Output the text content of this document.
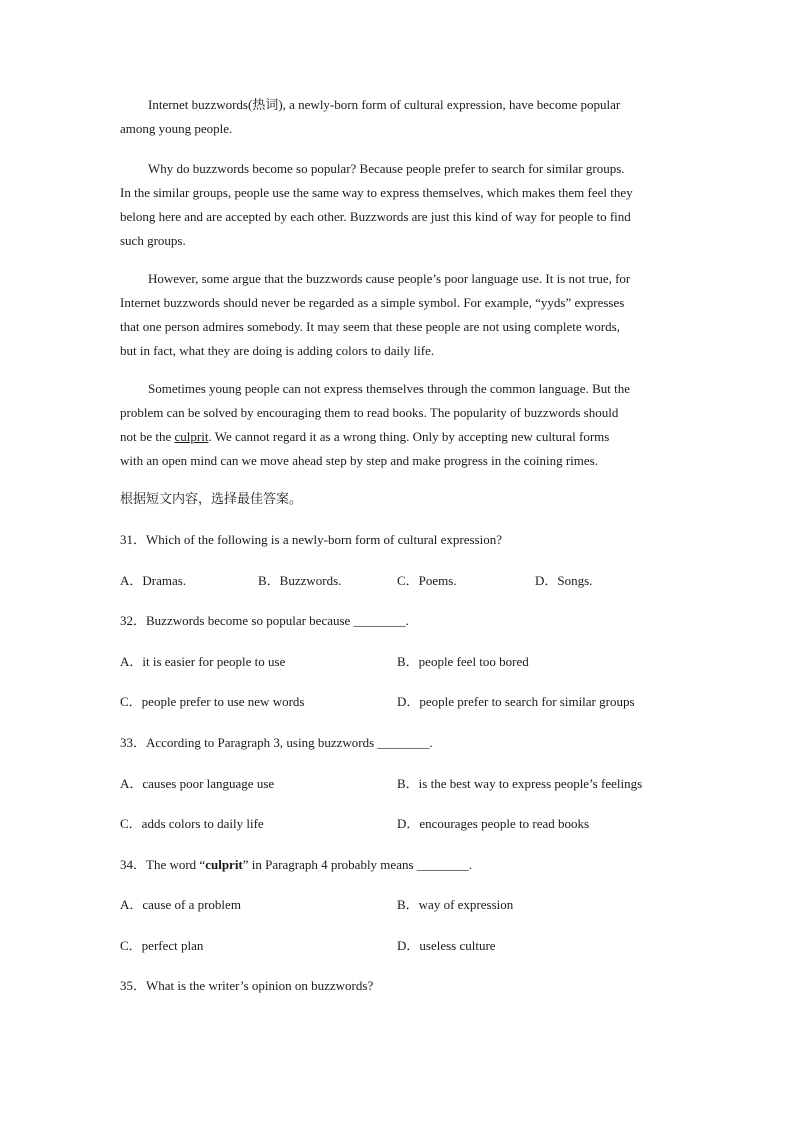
Internet buzzwords(热词), a newly-born form of cultural expression, have become popular
among young people.

Why do buzzwords become so popular? Because people prefer to search for similar groups.
In the similar groups, people use the same way to express themselves, which makes them feel they
belong here and are accepted by each other. Buzzwords are just this kind of way for people to find
such groups.

However, some argue that the buzzwords cause people’s poor language use. It is not true, for
Internet buzzwords should never be regarded as a simple symbol. For example, “yyds” expresses
that one person admires somebody. It may seem that these people are not using complete words,
but in fact, what they are doing is adding colors to daily life.

Sometimes young people can not express themselves through the common language. But the
problem can be solved by encouraging them to read books. The popularity of buzzwords should
not be the culprit. We cannot regard it as a wrong thing. Only by accepting new cultural forms
with an open mind can we move ahead step by step and make progress in the coining rimes.

根据短文内容，选择最佳答案。
31．Which of the following is a newly-born form of cultural expression?
A．Dramas.	B．Buzzwords.	C．Poems.	D．Songs.
32．Buzzwords become so popular because ________.
A．it is easier for people to use	B．people feel too bored
C．people prefer to use new words	D．people prefer to search for similar groups
33．According to Paragraph 3, using buzzwords ________.
A．causes poor language use	B．is the best way to express people’s feelings
C．adds colors to daily life	D．encourages people to read books
34．The word “culprit” in Paragraph 4 probably means ________.
A．cause of a problem	B．way of expression
C．perfect plan	D．useless culture
35．What is the writer’s opinion on buzzwords?
